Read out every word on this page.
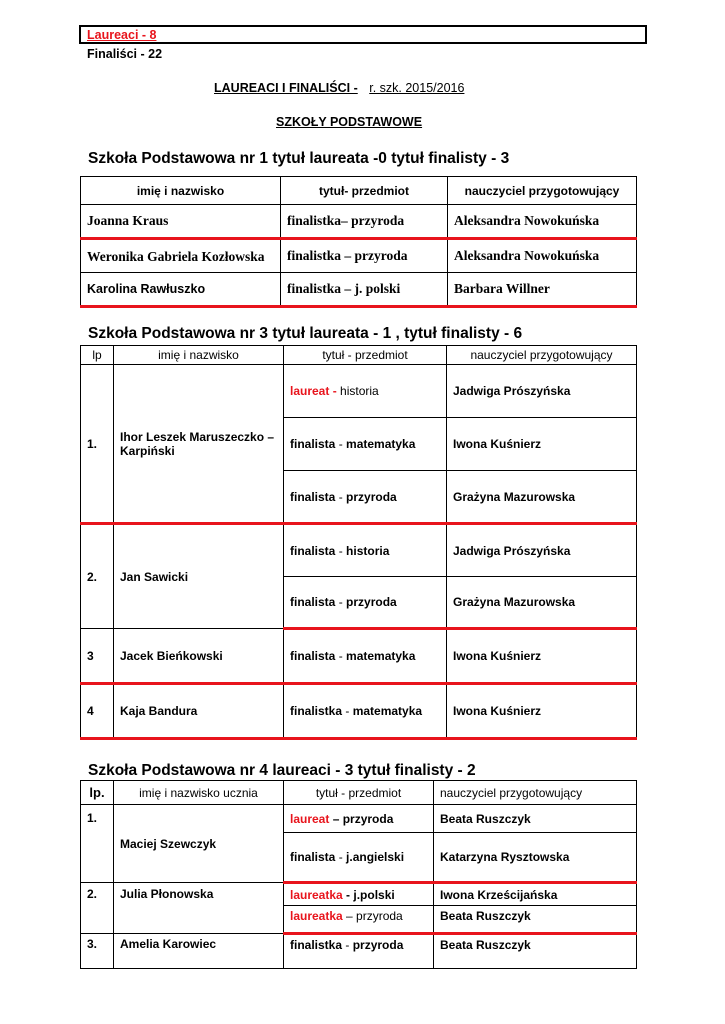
Laureaci - 8
Finaliści - 22
LAUREACI I FINALIŚCI - r. szk. 2015/2016
SZKOŁY PODSTAWOWE
Szkoła Podstawowa nr 1 tytuł laureata -0 tytuł finalisty - 3
imię i nazwisko	tytuł- przedmiot	nauczyciel przygotowujący
Joanna Kraus	finalistka– przyroda	Aleksandra Nowokuńska
Weronika Gabriela Kozłowska	finalistka – przyroda	Aleksandra Nowokuńska
Karolina Rawłuszko	finalistka – j. polski	Barbara Willner
Szkoła Podstawowa nr 3 tytuł laureata - 1 , tytuł finalisty - 6
lp	imię i nazwisko	tytuł - przedmiot	nauczyciel przygotowujący
1.	Ihor Leszek Maruszeczko – Karpiński	laureat - historia	Jadwiga Prószyńska
		finalista - matematyka	Iwona Kuśnierz
		finalista - przyroda	Grażyna Mazurowska
2.	Jan Sawicki	finalista - historia	Jadwiga Prószyńska
		finalista - przyroda	Grażyna Mazurowska
3	Jacek Bieńkowski	finalista - matematyka	Iwona Kuśnierz
4	Kaja Bandura	finalistka - matematyka	Iwona Kuśnierz
Szkoła Podstawowa nr 4 laureaci - 3 tytuł finalisty - 2
lp.	imię i nazwisko ucznia	tytuł - przedmiot	nauczyciel przygotowujący
1.	Maciej Szewczyk	laureat – przyroda	Beata Ruszczyk
		finalista - j.angielski	Katarzyna Rysztowska
2.	Julia Płonowska	laureatka - j.polski	Iwona Krześcijańska
		laureatka – przyroda	Beata Ruszczyk
3.	Amelia Karowiec	finalistka - przyroda	Beata Ruszczyk
